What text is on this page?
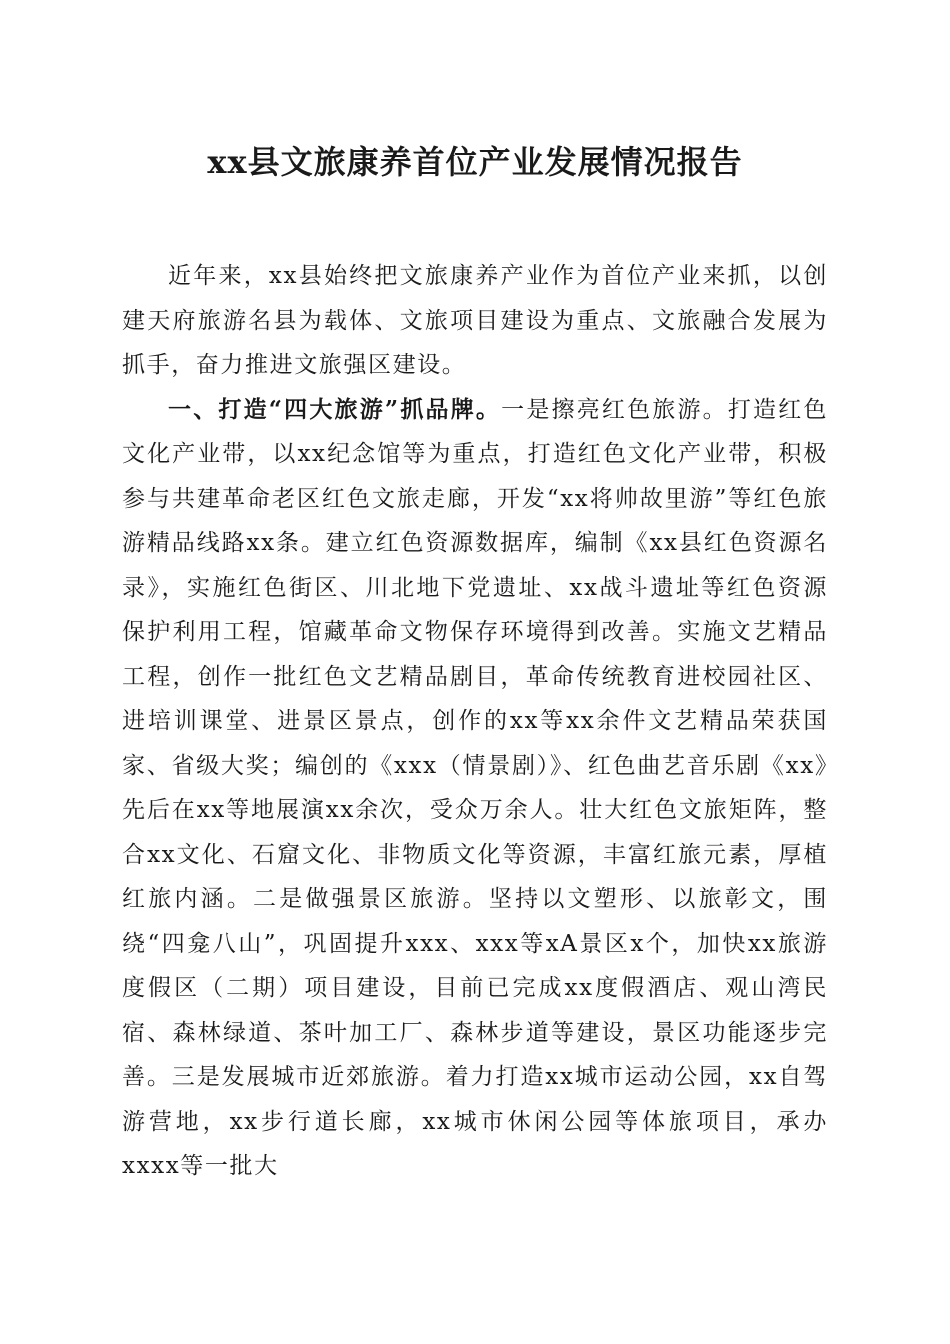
xx县文旅康养首位产业发展情况报告

近年来，xx县始终把文旅康养产业作为首位产业来抓，以创建天府旅游名县为载体、文旅项目建设为重点、文旅融合发展为抓手，奋力推进文旅强区建设。

一、打造“四大旅游”抓品牌。一是擦亮红色旅游。打造红色文化产业带，以xx纪念馆等为重点，打造红色文化产业带，积极参与共建革命老区红色文旅走廊，开发“xx将帅故里游”等红色旅游精品线路xx条。建立红色资源数据库，编制《xx县红色资源名录》，实施红色街区、川北地下党遗址、xx战斗遗址等红色资源保护利用工程，馆藏革命文物保存环境得到改善。实施文艺精品工程，创作一批红色文艺精品剧目，革命传统教育进校园社区、进培训课堂、进景区景点，创作的xx等xx余件文艺精品荣获国家、省级大奖；编创的《xxx（情景剧）》、红色曲艺音乐剧《xx》先后在xx等地展演xx余次，受众万余人。壮大红色文旅矩阵，整合xx文化、石窟文化、非物质文化等资源，丰富红旅元素，厚植红旅内涵。二是做强景区旅游。坚持以文塑形、以旅彰文，围绕“四龛八山”，巩固提升xxx、xxx等xA景区x个，加快xx旅游度假区（二期）项目建设，目前已完成xx度假酒店、观山湾民宿、森林绿道、茶叶加工厂、森林步道等建设，景区功能逐步完善。三是发展城市近郊旅游。着力打造xx城市运动公园，xx自驾游营地，xx步行道长廊，xx城市休闲公园等体旅项目，承办xxxx等一批大
